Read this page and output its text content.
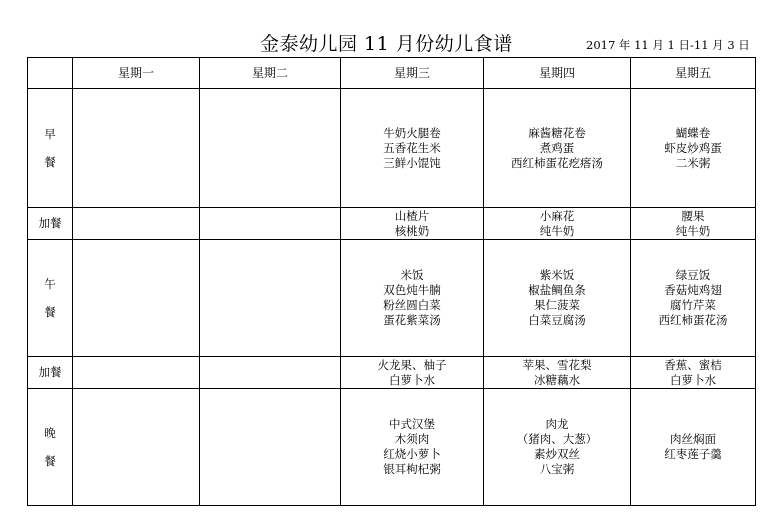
金泰幼儿园 11 月份幼儿食谱	2017 年 11 月 1 日-11 月 3 日
	星期一	星期二	星期三	星期四	星期五

早
餐			牛奶火腿卷
五香花生米
三鲜小馄饨	麻酱糖花卷
煮鸡蛋
西红柿蛋花疙瘩汤	蝴蝶卷
虾皮炒鸡蛋
二米粥

加餐			山楂片
核桃奶	小麻花
纯牛奶	腰果
纯牛奶

午
餐			米饭
双色炖牛腩
粉丝圆白菜
蛋花紫菜汤	紫米饭
椒盐鲷鱼条
果仁菠菜
白菜豆腐汤	绿豆饭
香菇炖鸡翅
腐竹芹菜
西红柿蛋花汤

加餐			火龙果、柚子
白萝卜水	苹果、雪花梨
冰糖藕水	香蕉、蜜桔
白萝卜水

晚
餐			中式汉堡
木须肉
红烧小萝卜
银耳枸杞粥	肉龙
（猪肉、大葱）
素炒双丝
八宝粥	肉丝焖面
红枣莲子羹
